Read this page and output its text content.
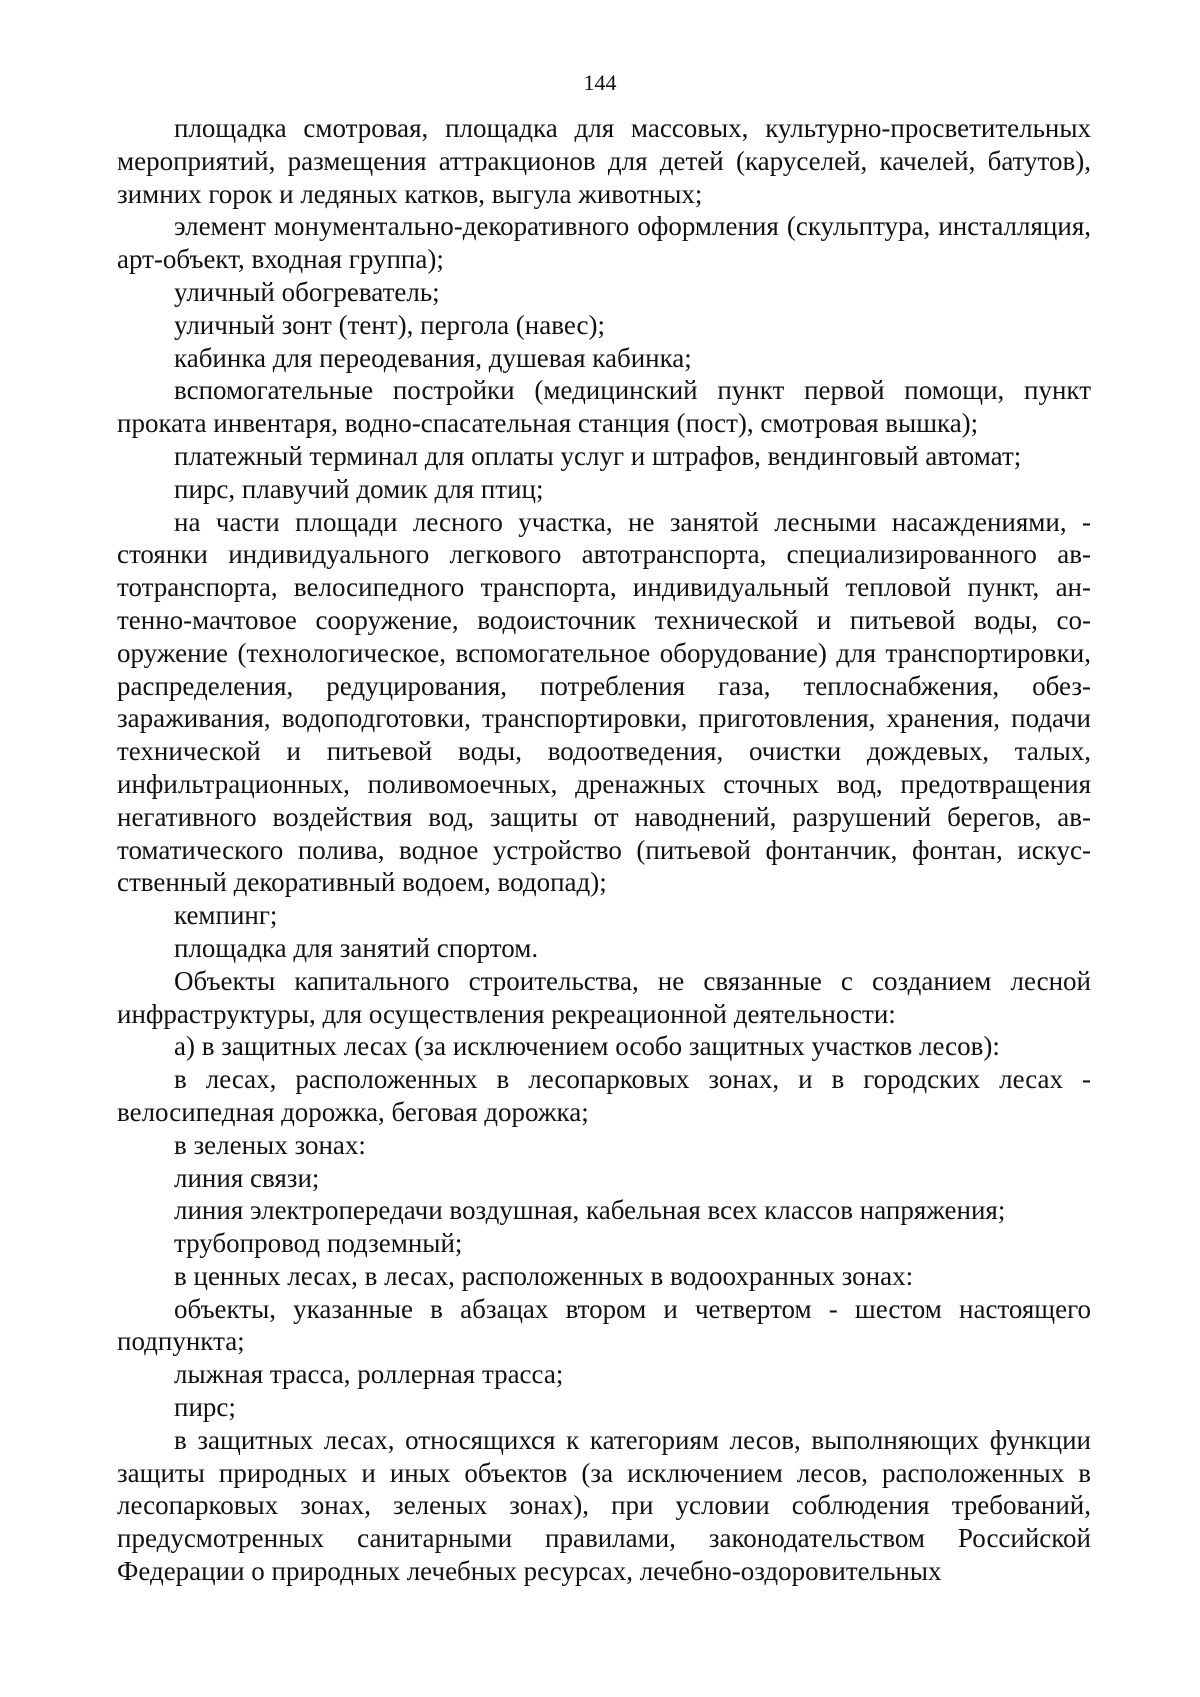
144

площадка смотровая, площадка для массовых, культурно-просветительных мероприятий, размещения аттракционов для детей (каруселей, качелей, батутов), зимних горок и ледяных катков, выгула животных;

элемент монументально-декоративного оформления (скульптура, инсталляция, арт-объект, входная группа);

уличный обогреватель;

уличный зонт (тент), пергола (навес);

кабинка для переодевания, душевая кабинка;

вспомогательные постройки (медицинский пункт первой помощи, пункт проката инвентаря, водно-спасательная станция (пост), смотровая вышка);

платежный терминал для оплаты услуг и штрафов, вендинговый автомат;

пирс, плавучий домик для птиц;

на части площади лесного участка, не занятой лесными насаждениями, - стоянки индивидуального легкового автотранспорта, специализированного автотранспорта, велосипедного транспорта, индивидуальный тепловой пункт, антенно-мачтовое сооружение, водоисточник технической и питьевой воды, сооружение (технологическое, вспомогательное оборудование) для транспортировки, распределения, редуцирования, потребления газа, теплоснабжения, обеззараживания, водоподготовки, транспортировки, приготовления, хранения, подачи технической и питьевой воды, водоотведения, очистки дождевых, талых, инфильтрационных, поливомоечных, дренажных сточных вод, предотвращения негативного воздействия вод, защиты от наводнений, разрушений берегов, автоматического полива, водное устройство (питьевой фонтанчик, фонтан, искусственный декоративный водоем, водопад);

кемпинг;

площадка для занятий спортом.

Объекты капитального строительства, не связанные с созданием лесной инфраструктуры, для осуществления рекреационной деятельности:

а) в защитных лесах (за исключением особо защитных участков лесов):

в лесах, расположенных в лесопарковых зонах, и в городских лесах - велосипедная дорожка, беговая дорожка;

в зеленых зонах:

линия связи;

линия электропередачи воздушная, кабельная всех классов напряжения;

трубопровод подземный;

в ценных лесах, в лесах, расположенных в водоохранных зонах:

объекты, указанные в абзацах втором и четвертом - шестом настоящего подпункта;

лыжная трасса, роллерная трасса;

пирс;

в защитных лесах, относящихся к категориям лесов, выполняющих функции защиты природных и иных объектов (за исключением лесов, расположенных в лесопарковых зонах, зеленых зонах), при условии соблюдения требований, предусмотренных санитарными правилами, законодательством Российской Федерации о природных лечебных ресурсах, лечебно-оздоровительных
